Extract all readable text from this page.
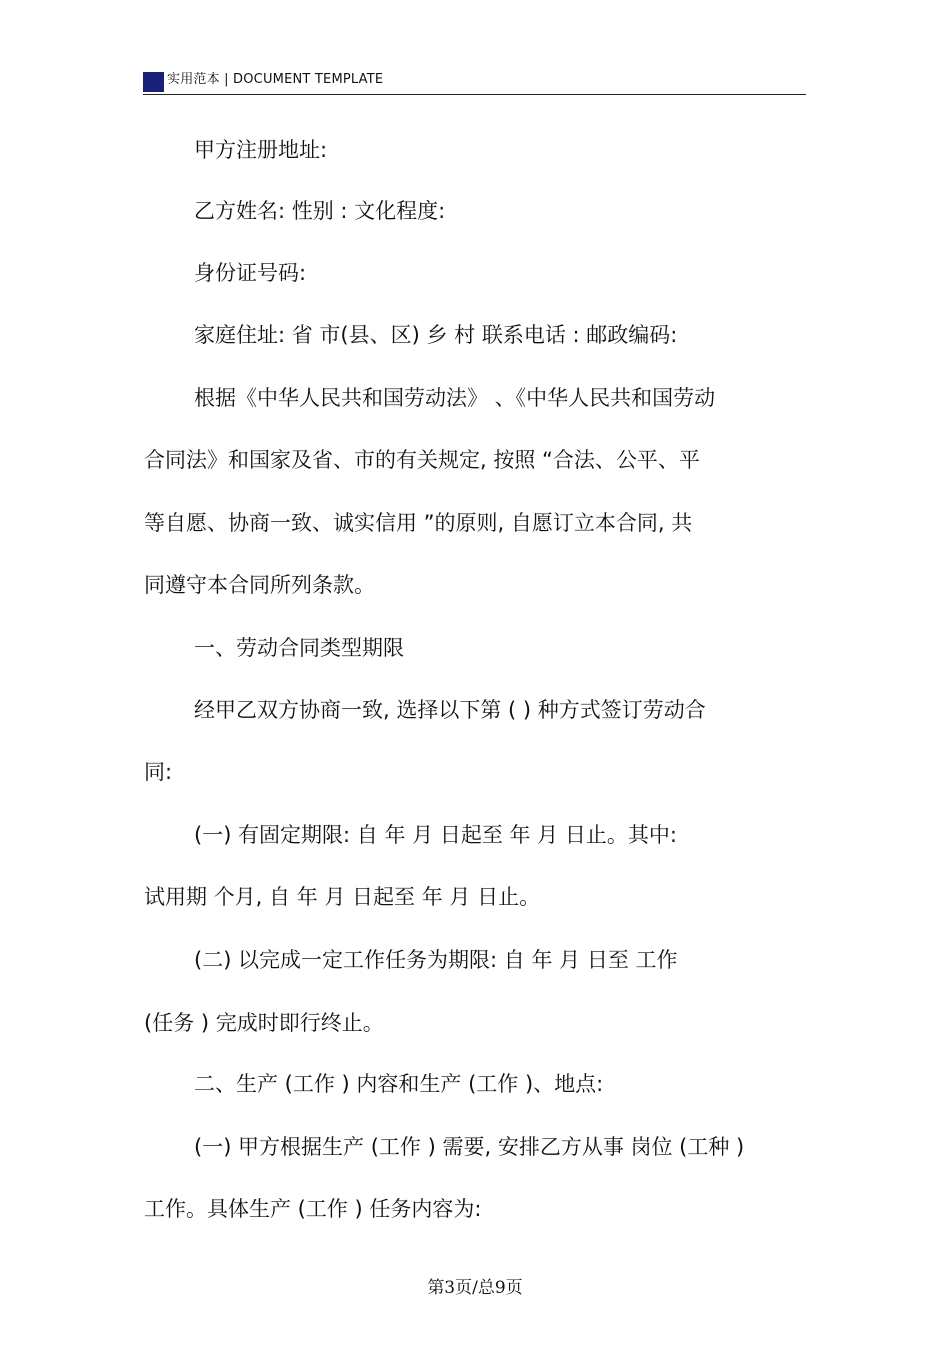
实用范本 | DOCUMENT TEMPLATE
甲方注册地址:
乙方姓名: 性别 : 文化程度:
身份证号码:
家庭住址: 省 市(县、区) 乡 村 联系电话 : 邮政编码:
根据《中华人民共和国劳动法》 、《中华人民共和国劳动
合同法》和国家及省、市的有关规定, 按照 “合法、公平、平
等自愿、协商一致、诚实信用 ”的原则, 自愿订立本合同, 共
同遵守本合同所列条款。
一、劳动合同类型期限
经甲乙双方协商一致, 选择以下第 ( ) 种方式签订劳动合
同:
(一) 有固定期限: 自 年 月 日起至 年 月 日止。其中:
试用期 个月, 自 年 月 日起至 年 月 日止。
(二) 以完成一定工作任务为期限: 自 年 月 日至 工作
(任务 ) 完成时即行终止。
二、生产 (工作 ) 内容和生产 (工作 )、地点:
(一) 甲方根据生产 (工作 ) 需要, 安排乙方从事 岗位 (工种 )
工作。具体生产 (工作 ) 任务内容为:
第3页/总9页
